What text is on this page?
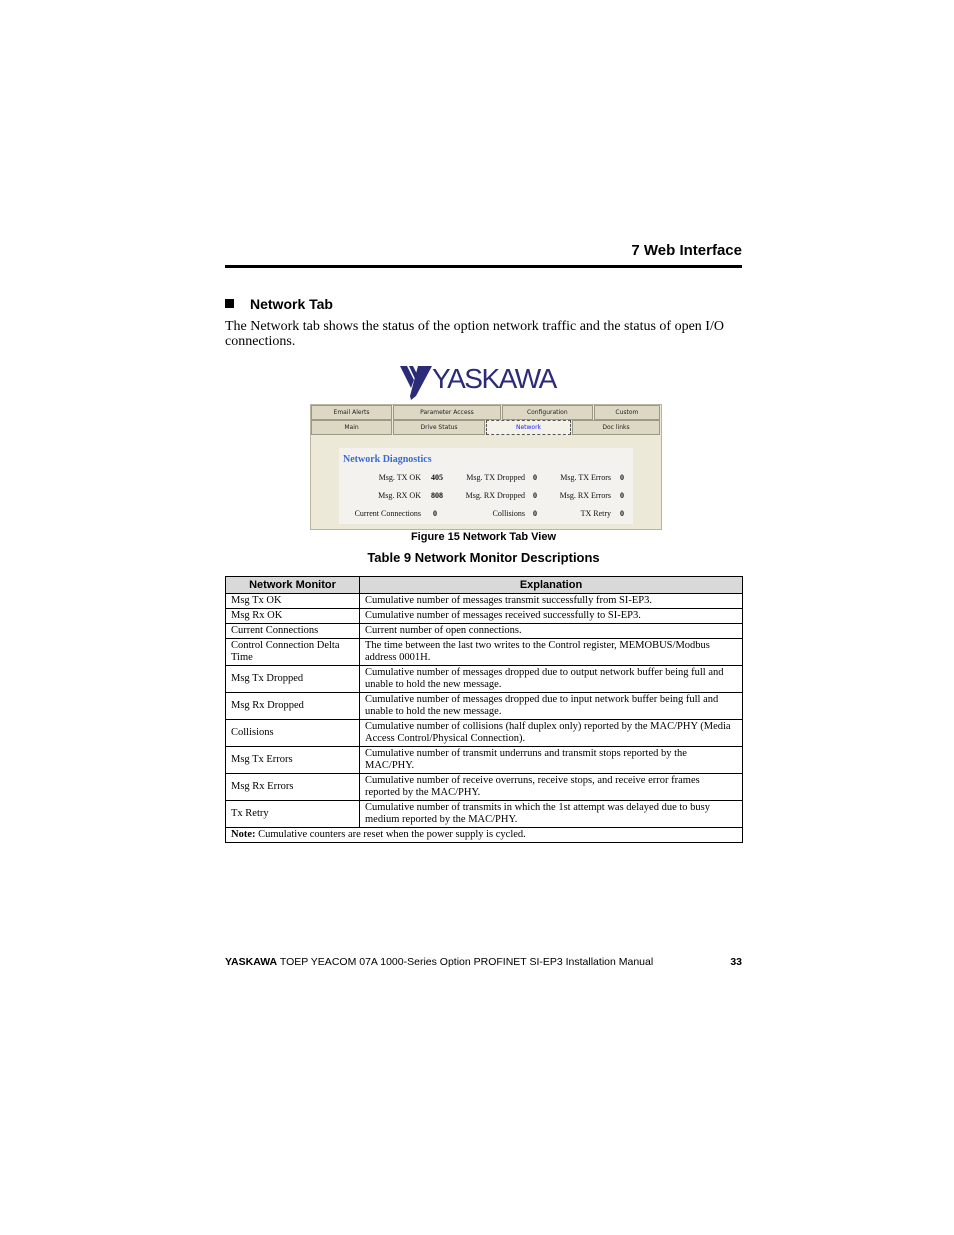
7 Web Interface
Network Tab
The Network tab shows the status of the option network traffic and the status of open I/O connections.
YASKAWA
Email Alerts	Parameter Access	Configuration	Custom
Main	Drive Status	Network	Doc links
Network Diagnostics
Msg. TX OK 405	Msg. TX Dropped 0	Msg. TX Errors 0
Msg. RX OK 808	Msg. RX Dropped 0	Msg. RX Errors 0
Current Connections 0	Collisions 0	TX Retry 0
Figure 15 Network Tab View
Table 9 Network Monitor Descriptions
Network Monitor	Explanation
Msg Tx OK	Cumulative number of messages transmit successfully from SI-EP3.
Msg Rx OK	Cumulative number of messages received successfully to SI-EP3.
Current Connections	Current number of open connections.
Control Connection Delta Time	The time between the last two writes to the Control register, MEMOBUS/Modbus address 0001H.
Msg Tx Dropped	Cumulative number of messages dropped due to output network buffer being full and unable to hold the new message.
Msg Rx Dropped	Cumulative number of messages dropped due to input network buffer being full and unable to hold the new message.
Collisions	Cumulative number of collisions (half duplex only) reported by the MAC/PHY (Media Access Control/Physical Connection).
Msg Tx Errors	Cumulative number of transmit underruns and transmit stops reported by the MAC/PHY.
Msg Rx Errors	Cumulative number of receive overruns, receive stops, and receive error frames reported by the MAC/PHY.
Tx Retry	Cumulative number of transmits in which the 1st attempt was delayed due to busy medium reported by the MAC/PHY.
Note: Cumulative counters are reset when the power supply is cycled.	
YASKAWA TOEP YEACOM 07A 1000-Series Option PROFINET SI-EP3 Installation Manual	33
